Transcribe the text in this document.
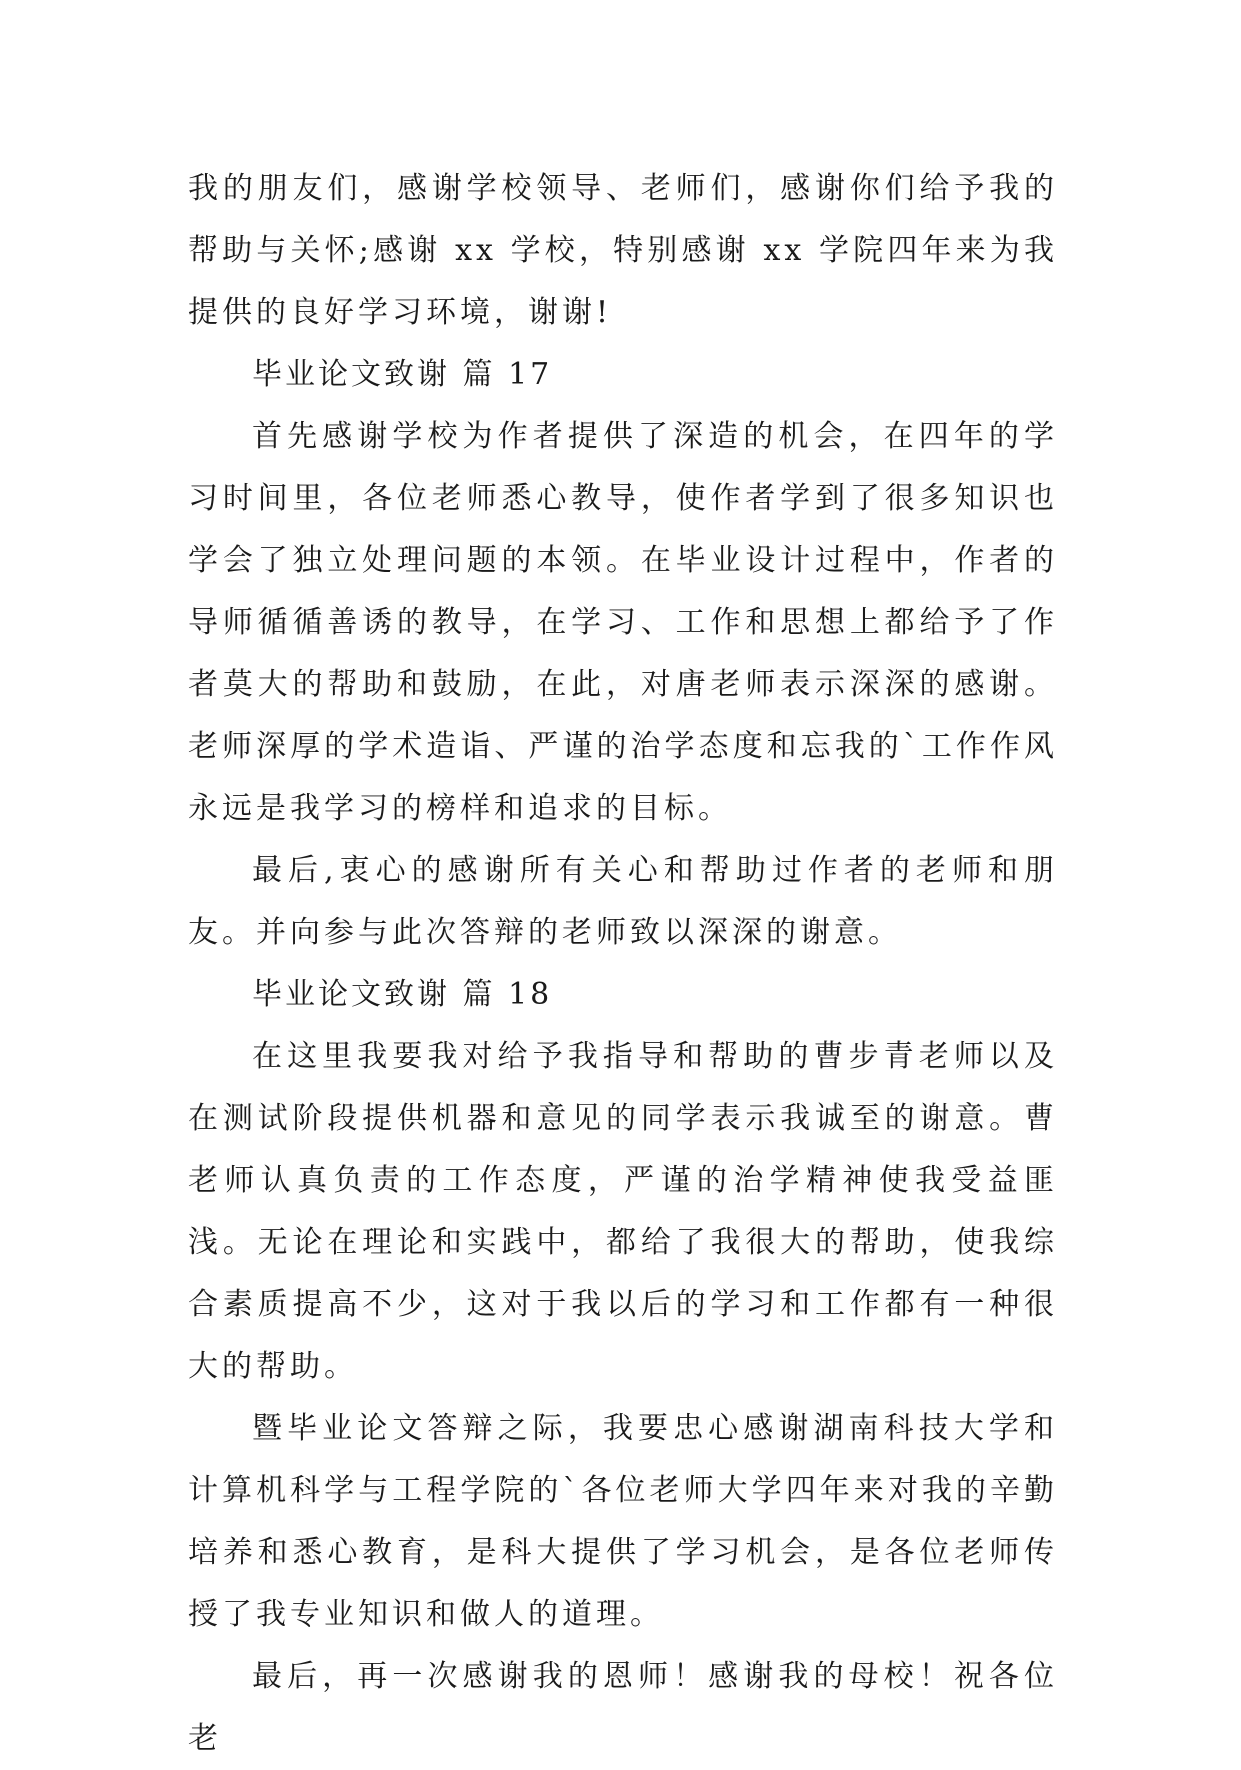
我的朋友们，感谢学校领导、老师们，感谢你们给予我的帮助与关怀;感谢 xx 学校，特别感谢 xx 学院四年来为我提供的良好学习环境，谢谢!

毕业论文致谢 篇 17

首先感谢学校为作者提供了深造的机会，在四年的学习时间里，各位老师悉心教导，使作者学到了很多知识也学会了独立处理问题的本领。在毕业设计过程中，作者的导师循循善诱的教导，在学习、工作和思想上都给予了作者莫大的帮助和鼓励，在此，对唐老师表示深深的感谢。老师深厚的学术造诣、严谨的治学态度和忘我的`工作作风永远是我学习的榜样和追求的目标。

最后,衷心的感谢所有关心和帮助过作者的老师和朋友。并向参与此次答辩的老师致以深深的谢意。

毕业论文致谢 篇 18

在这里我要我对给予我指导和帮助的曹步青老师以及在测试阶段提供机器和意见的同学表示我诚至的谢意。曹老师认真负责的工作态度，严谨的治学精神使我受益匪浅。无论在理论和实践中，都给了我很大的帮助，使我综合素质提高不少，这对于我以后的学习和工作都有一种很大的帮助。

暨毕业论文答辩之际，我要忠心感谢湖南科技大学和计算机科学与工程学院的`各位老师大学四年来对我的辛勤培养和悉心教育，是科大提供了学习机会，是各位老师传授了我专业知识和做人的道理。

最后，再一次感谢我的恩师！感谢我的母校！祝各位老
